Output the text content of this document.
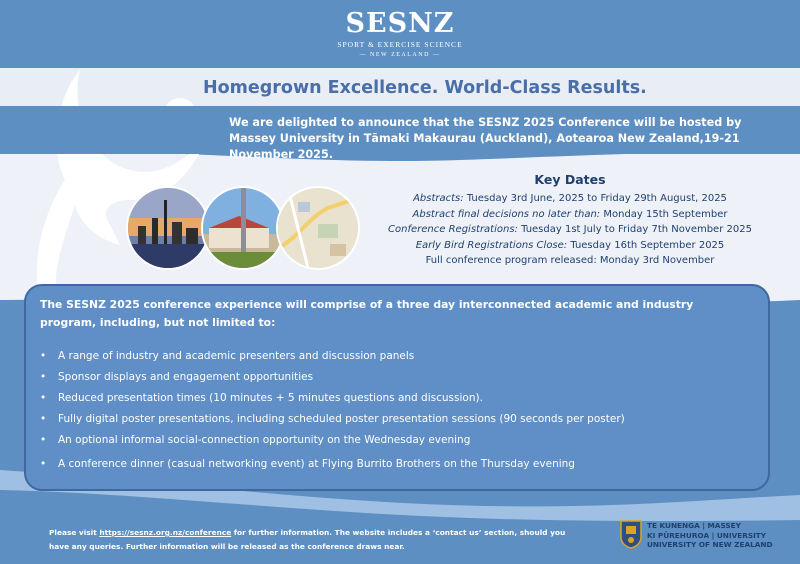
SESNZ
SPORT & EXERCISE SCIENCE
— NEW ZEALAND —
Homegrown Excellence. World-Class Results.
We are delighted to announce that the SESNZ 2025 Conference will be hosted by Massey University in Tāmaki Makaurau (Auckland), Aotearoa New Zealand,19-21 November 2025.
Key Dates
Abstracts: Tuesday 3rd June, 2025 to Friday 29th August, 2025
Abstract final decisions no later than: Monday 15th September
Conference Registrations: Tuesday 1st July to Friday 7th November 2025
Early Bird Registrations Close: Tuesday 16th September 2025
Full conference program released: Monday 3rd November
The SESNZ 2025 conference experience will comprise of a three day interconnected academic and industry program, including, but not limited to:
• A range of industry and academic presenters and discussion panels
• Sponsor displays and engagement opportunities
• Reduced presentation times (10 minutes + 5 minutes questions and discussion).
• Fully digital poster presentations, including scheduled poster presentation sessions (90 seconds per poster)
• An optional informal social-connection opportunity on the Wednesday evening
• A conference dinner (casual networking event) at Flying Burrito Brothers on the Thursday evening
Please visit https://sesnz.org.nz/conference for further information. The website includes a ‘contact us’ section, should you have any queries. Further information will be released as the conference draws near.
TE KUNENGA | MASSEY
KI PŪREHUROA | UNIVERSITY
UNIVERSITY OF NEW ZEALAND
